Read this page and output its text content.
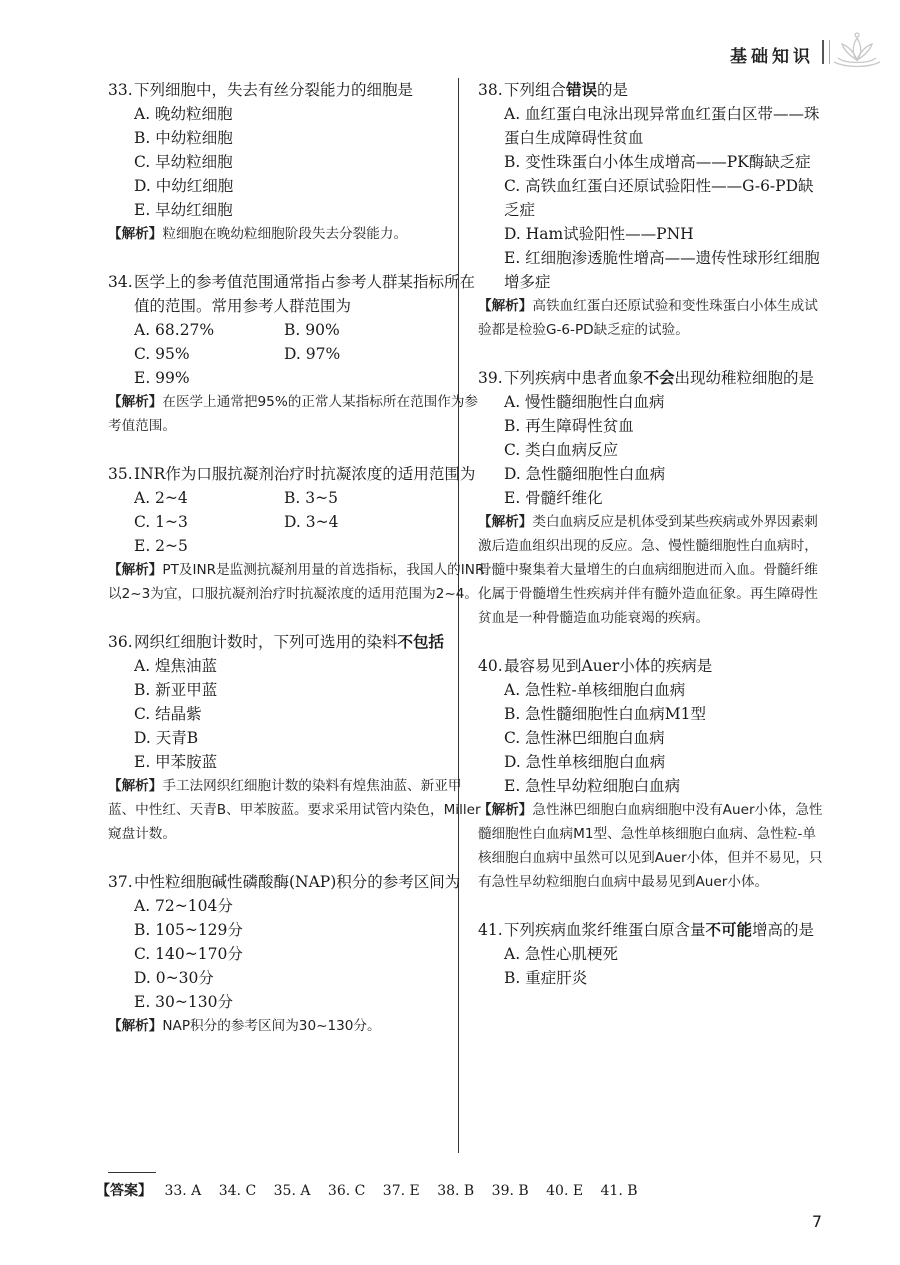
基础知识
33. 下列细胞中，失去有丝分裂能力的细胞是
A. 晚幼粒细胞
B. 中幼粒细胞
C. 早幼粒细胞
D. 中幼红细胞
E. 早幼红细胞
【解析】粒细胞在晚幼粒细胞阶段失去分裂能力。
34. 医学上的参考值范围通常指占参考人群某指标所在值的范围。常用参考人群范围为
A. 68.27%	B. 90%
C. 95%	D. 97%
E. 99%
【解析】在医学上通常把95%的正常人某指标所在范围作为参考值范围。
35. INR作为口服抗凝剂治疗时抗凝浓度的适用范围为
A. 2~4	B. 3~5
C. 1~3	D. 3~4
E. 2~5
【解析】PT及INR是监测抗凝剂用量的首选指标，我国人的INR以2~3为宜，口服抗凝剂治疗时抗凝浓度的适用范围为2~4。
36. 网织红细胞计数时，下列可选用的染料不包括
A. 煌焦油蓝
B. 新亚甲蓝
C. 结晶紫
D. 天青B
E. 甲苯胺蓝
【解析】手工法网织红细胞计数的染料有煌焦油蓝、新亚甲蓝、中性红、天青B、甲苯胺蓝。要求采用试管内染色，Miller窥盘计数。
37. 中性粒细胞碱性磷酸酶(NAP)积分的参考区间为
A. 72~104分
B. 105~129分
C. 140~170分
D. 0~30分
E. 30~130分
【解析】NAP积分的参考区间为30~130分。
38. 下列组合错误的是
A. 血红蛋白电泳出现异常血红蛋白区带——珠蛋白生成障碍性贫血
B. 变性珠蛋白小体生成增高——PK酶缺乏症
C. 高铁血红蛋白还原试验阳性——G-6-PD缺乏症
D. Ham试验阳性——PNH
E. 红细胞渗透脆性增高——遗传性球形红细胞增多症
【解析】高铁血红蛋白还原试验和变性珠蛋白小体生成试验都是检验G-6-PD缺乏症的试验。
39. 下列疾病中患者血象不会出现幼稚粒细胞的是
A. 慢性髓细胞性白血病
B. 再生障碍性贫血
C. 类白血病反应
D. 急性髓细胞性白血病
E. 骨髓纤维化
【解析】类白血病反应是机体受到某些疾病或外界因素刺激后造血组织出现的反应。急、慢性髓细胞性白血病时，骨髓中聚集着大量增生的白血病细胞进而入血。骨髓纤维化属于骨髓增生性疾病并伴有髓外造血征象。再生障碍性贫血是一种骨髓造血功能衰竭的疾病。
40. 最容易见到Auer小体的疾病是
A. 急性粒-单核细胞白血病
B. 急性髓细胞性白血病M1型
C. 急性淋巴细胞白血病
D. 急性单核细胞白血病
E. 急性早幼粒细胞白血病
【解析】急性淋巴细胞白血病细胞中没有Auer小体，急性髓细胞性白血病M1型、急性单核细胞白血病、急性粒-单核细胞白血病中虽然可以见到Auer小体，但并不易见，只有急性早幼粒细胞白血病中最易见到Auer小体。
41. 下列疾病血浆纤维蛋白原含量不可能增高的是
A. 急性心肌梗死
B. 重症肝炎
【答案】 33. A 34. C 35. A 36. C 37. E 38. B 39. B 40. E 41. B
7
